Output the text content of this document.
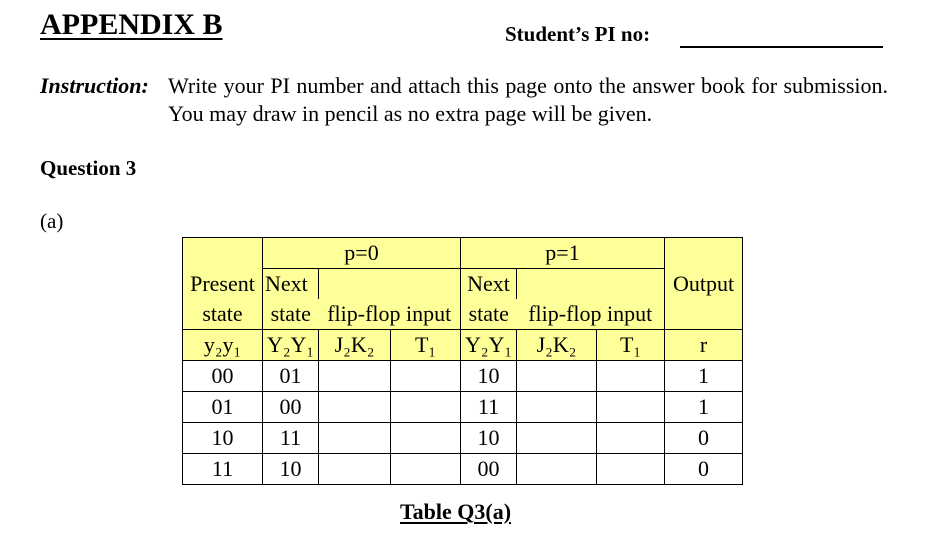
APPENDIX B	Student’s PI no:
Instruction: Write your PI number and attach this page onto the answer book for submission. You may draw in pencil as no extra page will be given.
Question 3
(a)
	p=0			p=1			
Present	Next			Next			Output
state	state	flip-flop input		state	flip-flop input		
y₂y₁	Y₂Y₁	J₂K₂	T₁	Y₂Y₁	J₂K₂	T₁	r
00	01			10			1
01	00			11			1
10	11			10			0
11	10			00			0
Table Q3(a)
